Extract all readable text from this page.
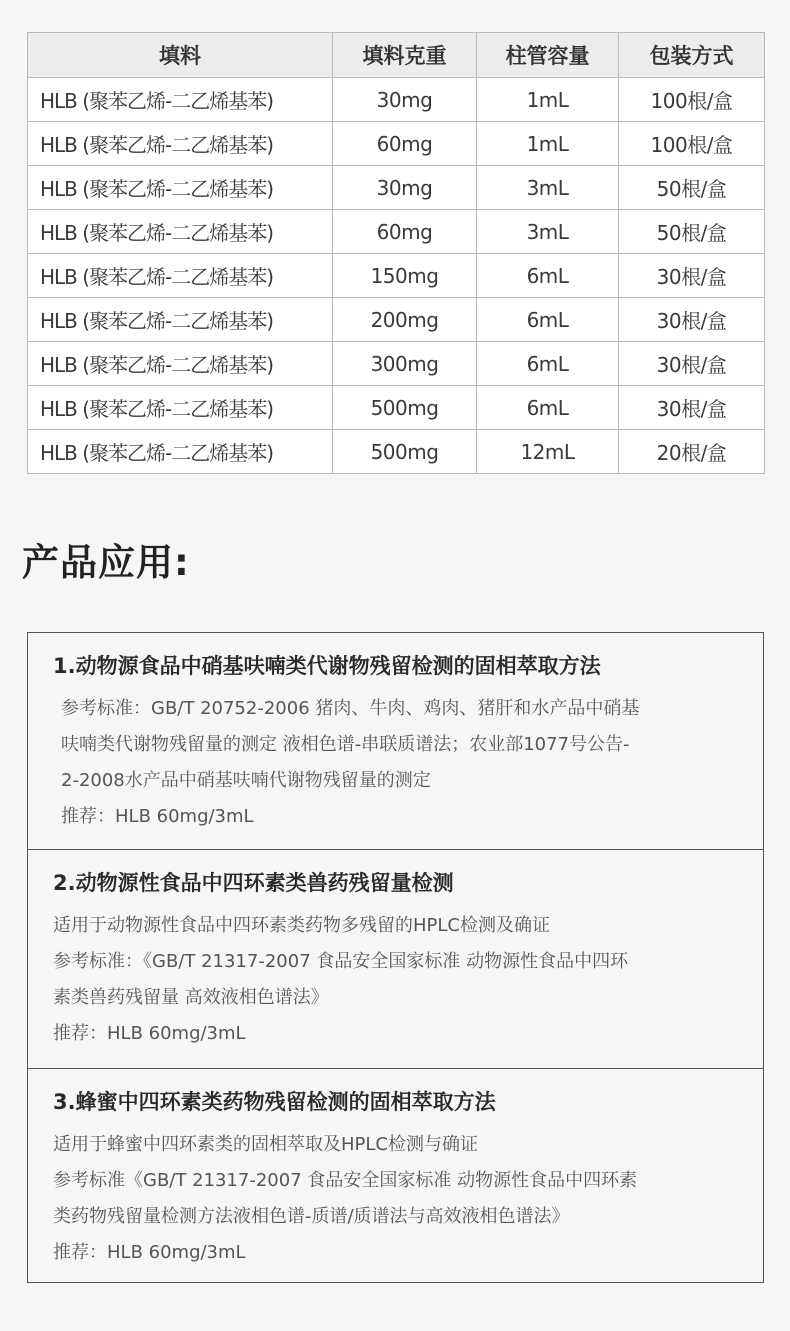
填料	填料克重	柱管容量	包装方式
HLB (聚苯乙烯-二乙烯基苯)	30mg	1mL	100根/盒
HLB (聚苯乙烯-二乙烯基苯)	60mg	1mL	100根/盒
HLB (聚苯乙烯-二乙烯基苯)	30mg	3mL	50根/盒
HLB (聚苯乙烯-二乙烯基苯)	60mg	3mL	50根/盒
HLB (聚苯乙烯-二乙烯基苯)	150mg	6mL	30根/盒
HLB (聚苯乙烯-二乙烯基苯)	200mg	6mL	30根/盒
HLB (聚苯乙烯-二乙烯基苯)	300mg	6mL	30根/盒
HLB (聚苯乙烯-二乙烯基苯)	500mg	6mL	30根/盒
HLB (聚苯乙烯-二乙烯基苯)	500mg	12mL	20根/盒
产品应用:
1.动物源食品中硝基呋喃类代谢物残留检测的固相萃取方法

参考标准：GB/T 20752-2006 猪肉、牛肉、鸡肉、猪肝和水产品中硝基

呋喃类代谢物残留量的测定 液相色谱-串联质谱法；农业部1077号公告-

2-2008水产品中硝基呋喃代谢物残留量的测定

推荐：HLB 60mg/3mL

2.动物源性食品中四环素类兽药残留量检测

适用于动物源性食品中四环素类药物多残留的HPLC检测及确证

参考标准：《GB/T 21317-2007 食品安全国家标准 动物源性食品中四环

素类兽药残留量 高效液相色谱法》

推荐：HLB 60mg/3mL

3.蜂蜜中四环素类药物残留检测的固相萃取方法

适用于蜂蜜中四环素类的固相萃取及HPLC检测与确证

参考标准《GB/T 21317-2007 食品安全国家标准 动物源性食品中四环素

类药物残留量检测方法液相色谱-质谱/质谱法与高效液相色谱法》

推荐：HLB 60mg/3mL
